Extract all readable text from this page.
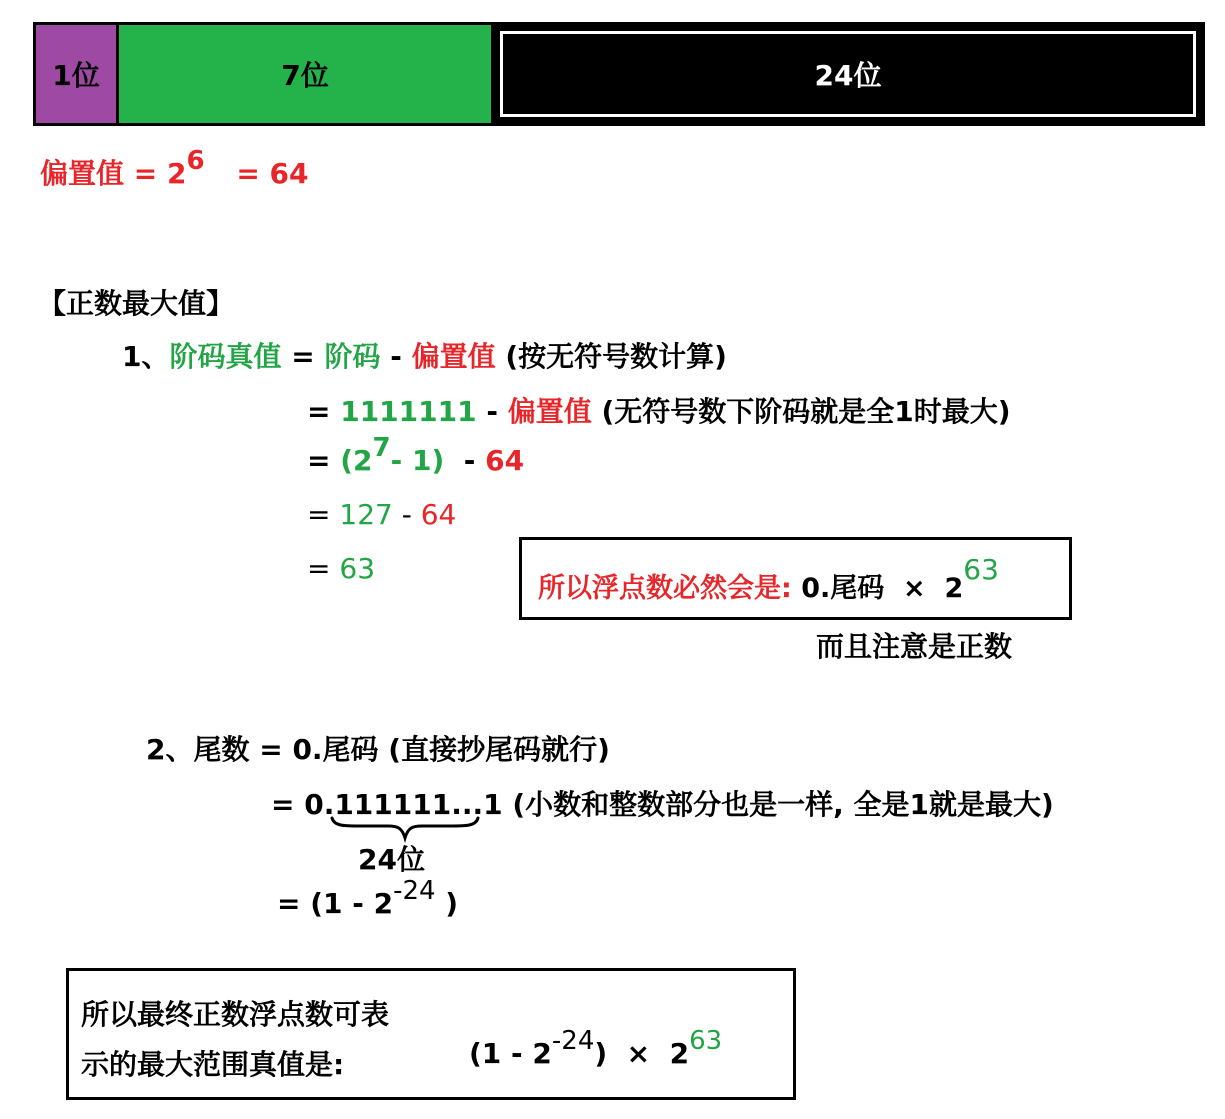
1位	7位	24位
偏置值 = 26 = 64
【正数最大值】
1、阶码真值 = 阶码 - 偏置值 (按无符号数计算)
= 1111111 - 偏置值 (无符号数下阶码就是全1时最大)
= (27- 1)  - 64
= 127 - 64
= 63
所以浮点数必然会是: 0.尾码  ×  263
而且注意是正数
2、尾数 = 0.尾码 (直接抄尾码就行)
= 0.111111...1 (小数和整数部分也是一样, 全是1就是最大)
24位
= (1 - 2-24 )
所以最终正数浮点数可表
示的最大范围真值是:	(1 - 2-24)  ×  263
